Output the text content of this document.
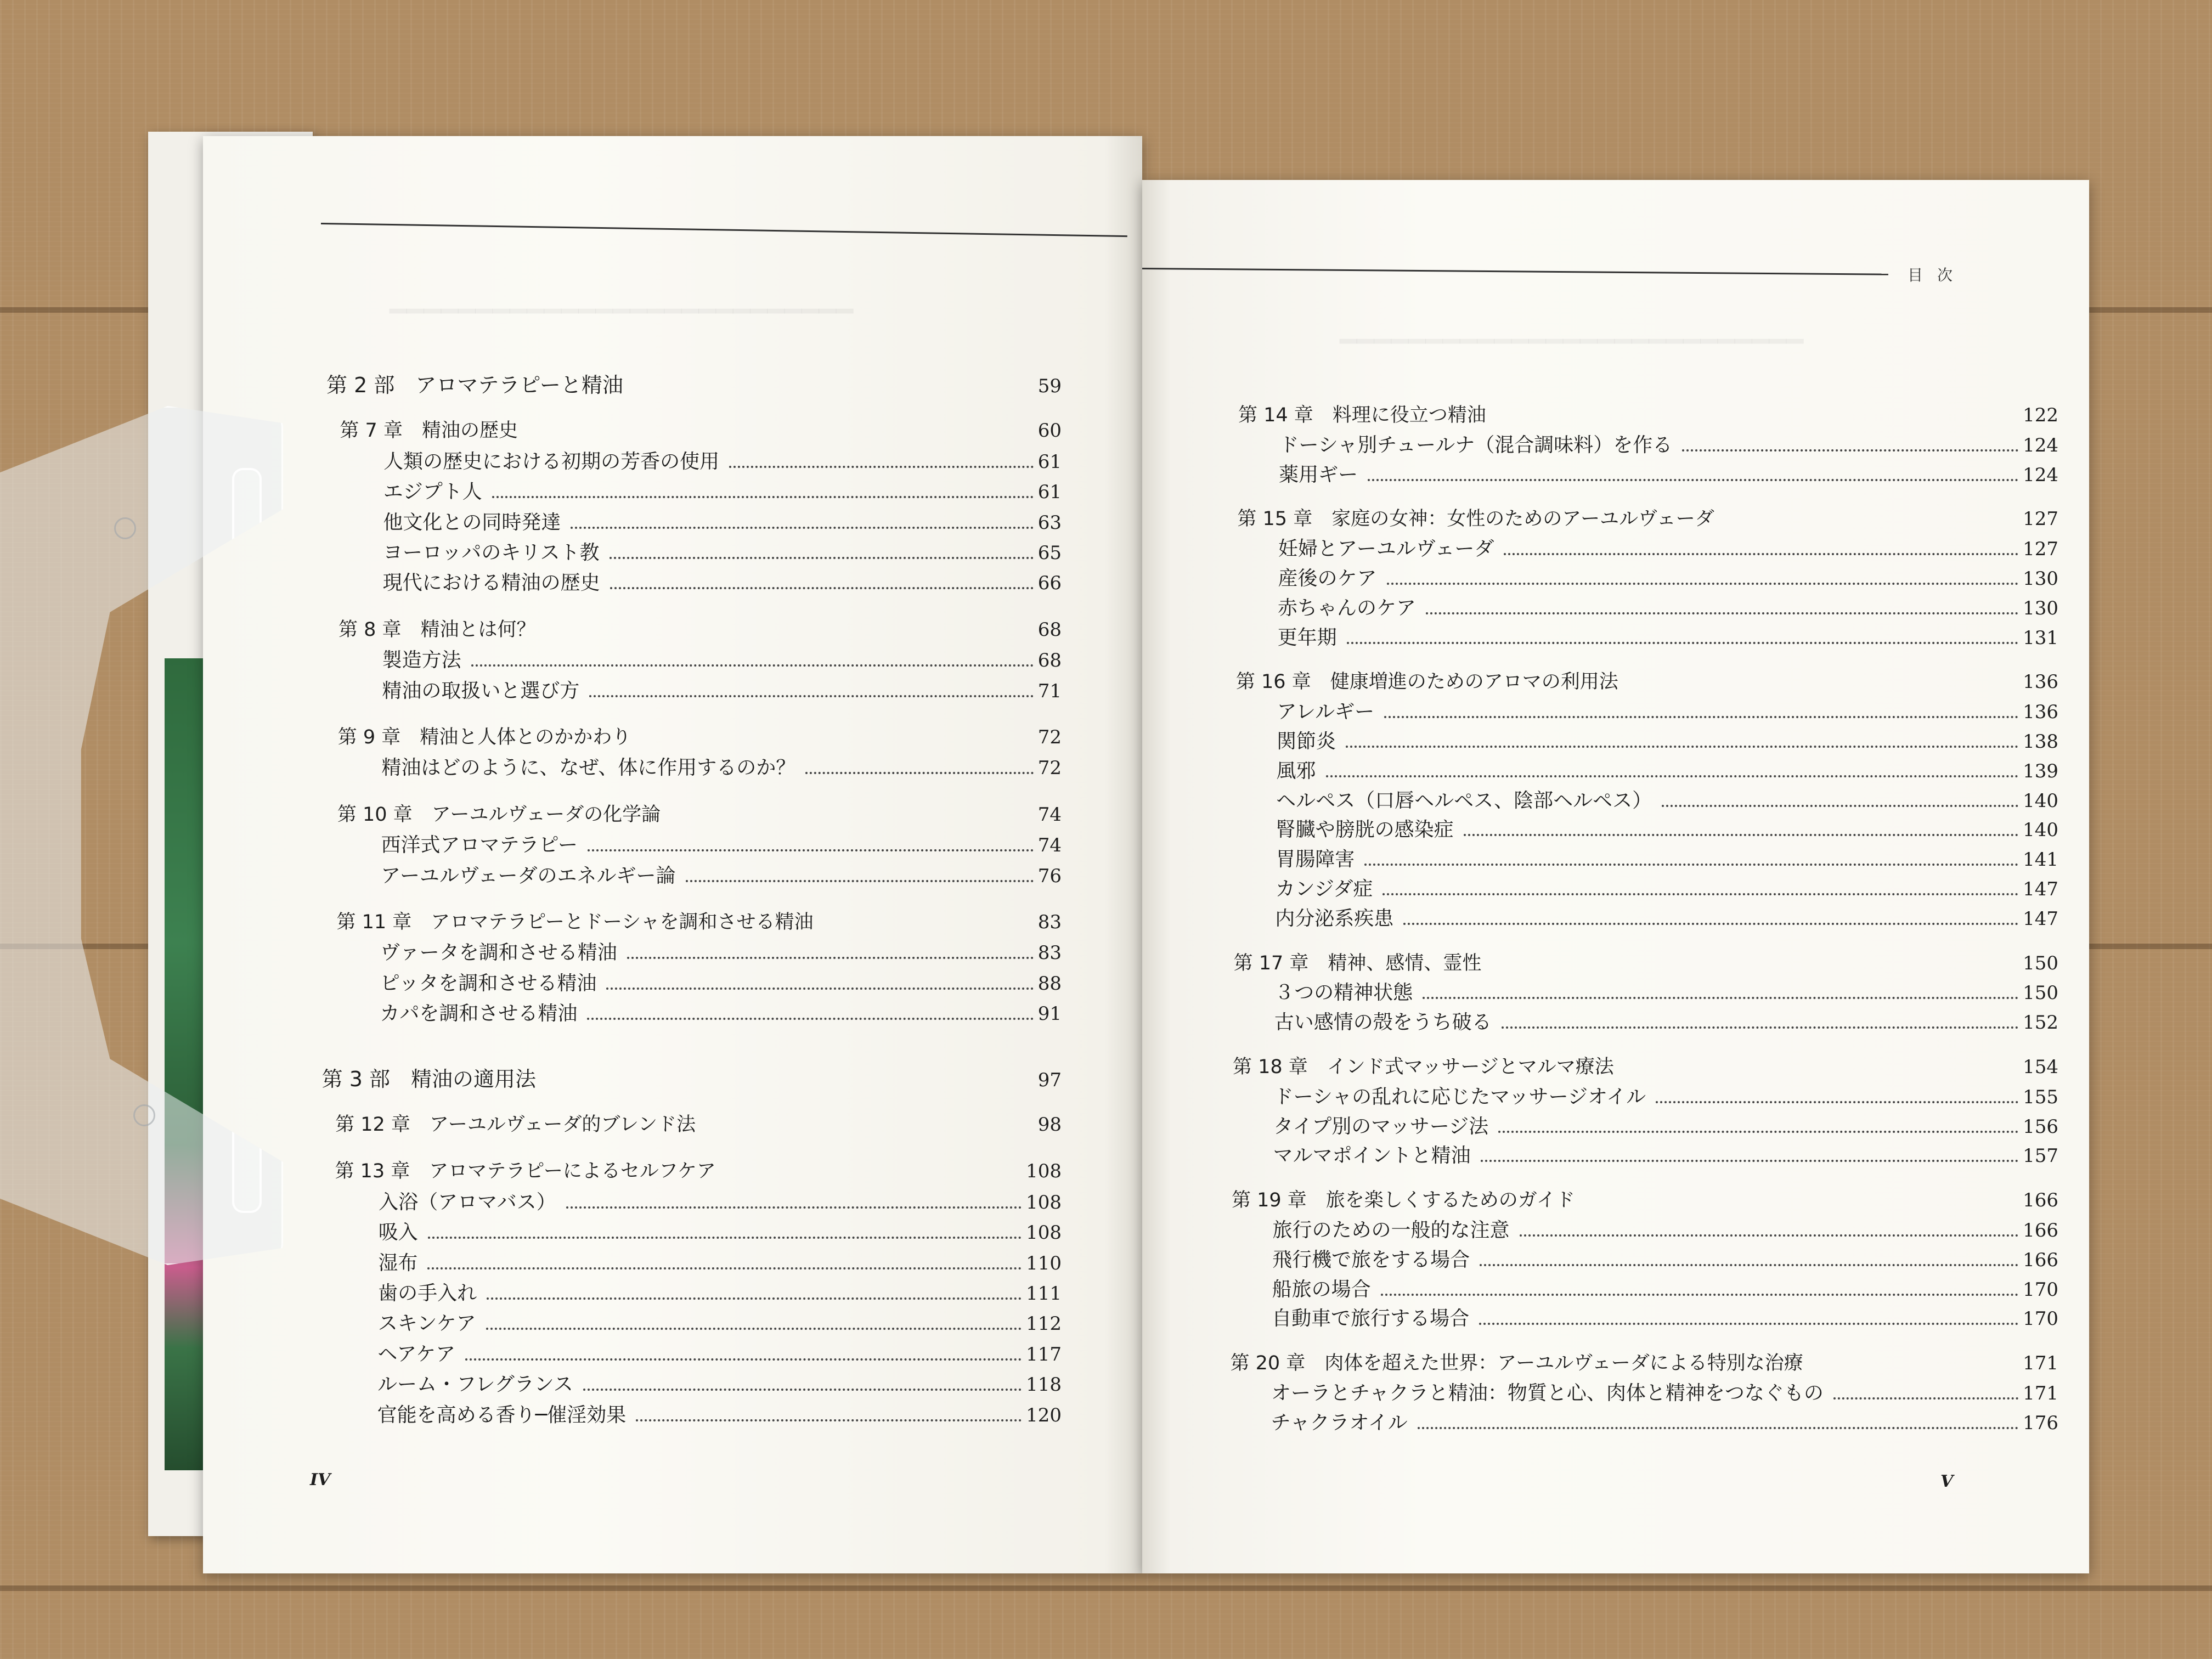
━━━━━━━━━━━━━━━━━━━━━━━━━━━
第 2 部　アロマテラピーと精油	59
第 7 章　精油の歴史	60
人類の歴史における初期の芳香の使用	61
エジプト人	61
他文化との同時発達	63
ヨーロッパのキリスト教	65
現代における精油の歴史	66
第 8 章　精油とは何？	68
製造方法	68
精油の取扱いと選び方	71
第 9 章　精油と人体とのかかわり	72
精油はどのように、なぜ、体に作用するのか？	72
第 10 章　アーユルヴェーダの化学論	74
西洋式アロマテラピー	74
アーユルヴェーダのエネルギー論	76
第 11 章　アロマテラピーとドーシャを調和させる精油	83
ヴァータを調和させる精油	83
ピッタを調和させる精油	88
カパを調和させる精油	91
第 3 部　精油の適用法	97
第 12 章　アーユルヴェーダ的ブレンド法	98
第 13 章　アロマテラピーによるセルフケア	108
入浴（アロマバス）	108
吸入	108
湿布	110
歯の手入れ	111
スキンケア	112
ヘアケア	117
ルーム・フレグランス	118
官能を高める香り─催淫効果	120
IV
━━━━━━━━━━━━━━━━━━━━━━━━━━━
目次
第 14 章　料理に役立つ精油	122
ドーシャ別チュールナ（混合調味料）を作る	124
薬用ギー	124
第 15 章　家庭の女神：女性のためのアーユルヴェーダ	127
妊婦とアーユルヴェーダ	127
産後のケア	130
赤ちゃんのケア	130
更年期	131
第 16 章　健康増進のためのアロマの利用法	136
アレルギー	136
関節炎	138
風邪	139
ヘルペス（口唇ヘルペス、陰部ヘルペス）	140
腎臓や膀胱の感染症	140
胃腸障害	141
カンジダ症	147
内分泌系疾患	147
第 17 章　精神、感情、霊性	150
３つの精神状態	150
古い感情の殻をうち破る	152
第 18 章　インド式マッサージとマルマ療法	154
ドーシャの乱れに応じたマッサージオイル	155
タイプ別のマッサージ法	156
マルマポイントと精油	157
第 19 章　旅を楽しくするためのガイド	166
旅行のための一般的な注意	166
飛行機で旅をする場合	166
船旅の場合	170
自動車で旅行する場合	170
第 20 章　肉体を超えた世界：アーユルヴェーダによる特別な治療	171
オーラとチャクラと精油：物質と心、肉体と精神をつなぐもの	171
チャクラオイル	176
V
